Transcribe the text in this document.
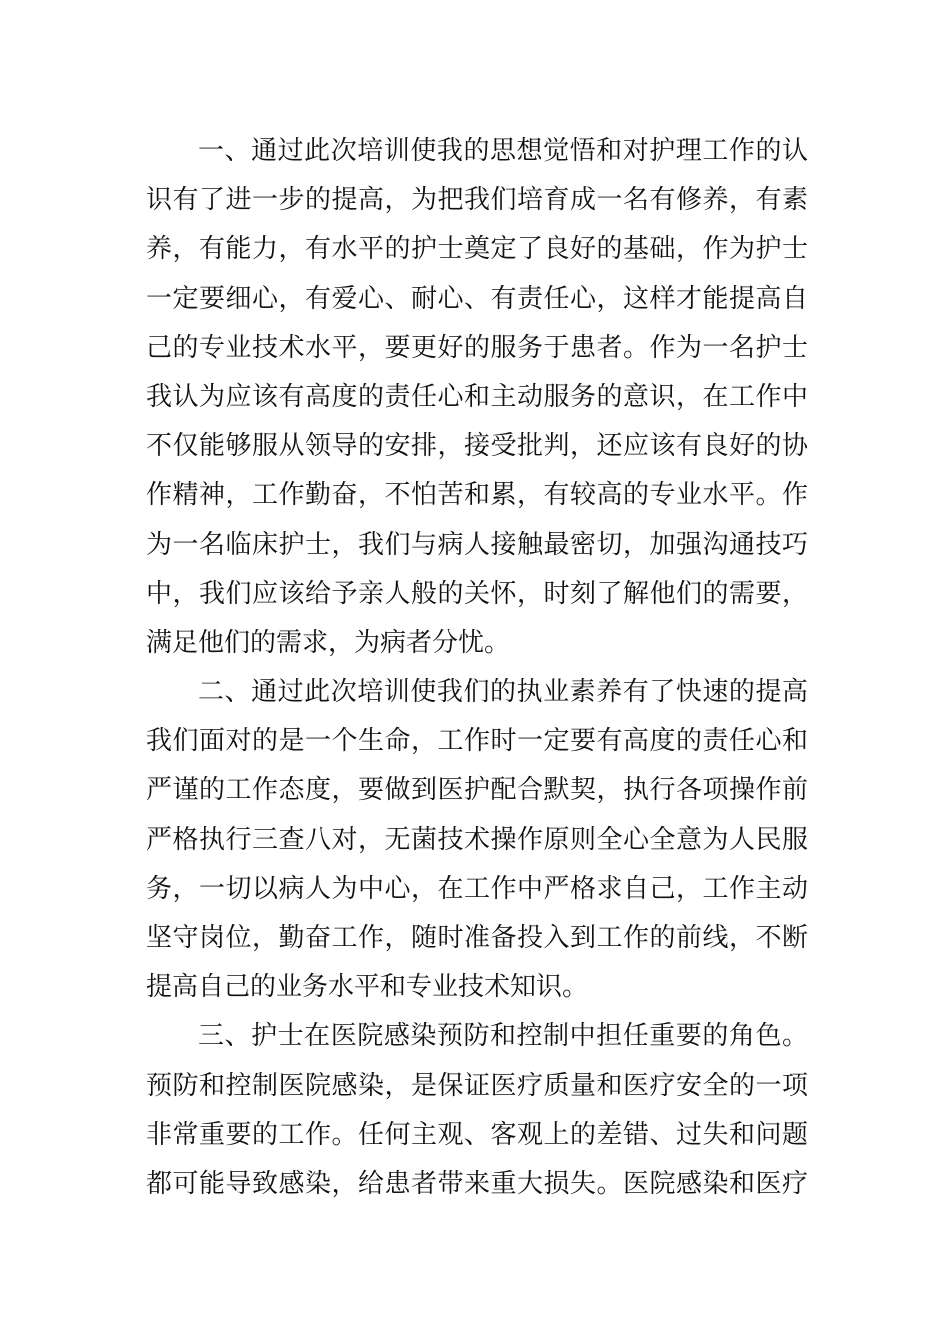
一、通过此次培训使我的思想觉悟和对护理工作的认
识有了进一步的提高，为把我们培育成一名有修养，有素
养，有能力，有水平的护士奠定了良好的基础，作为护士
一定要细心，有爱心、耐心、有责任心，这样才能提高自
己的专业技术水平，要更好的服务于患者。作为一名护士
我认为应该有高度的责任心和主动服务的意识，在工作中
不仅能够服从领导的安排，接受批判，还应该有良好的协
作精神，工作勤奋，不怕苦和累，有较高的专业水平。作
为一名临床护士，我们与病人接触最密切，加强沟通技巧
中，我们应该给予亲人般的关怀，时刻了解他们的需要，
满足他们的需求，为病者分忧。
二、通过此次培训使我们的执业素养有了快速的提高
我们面对的是一个生命，工作时一定要有高度的责任心和
严谨的工作态度，要做到医护配合默契，执行各项操作前
严格执行三查八对，无菌技术操作原则全心全意为人民服
务，一切以病人为中心，在工作中严格求自己，工作主动
坚守岗位，勤奋工作，随时准备投入到工作的前线，不断
提高自己的业务水平和专业技术知识。
三、护士在医院感染预防和控制中担任重要的角色。
预防和控制医院感染，是保证医疗质量和医疗安全的一项
非常重要的工作。任何主观、客观上的差错、过失和问题
都可能导致感染，给患者带来重大损失。医院感染和医疗
